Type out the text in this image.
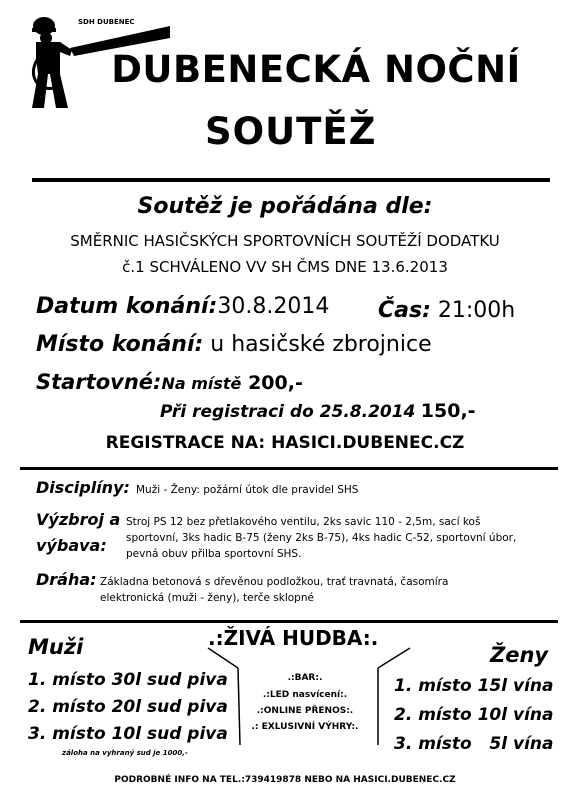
SDH DUBENEC
DUBENECKÁ NOČNÍ
SOUTĚŽ
Soutěž je pořádána dle:
SMĚRNIC HASIČSKÝCH SPORTOVNÍCH SOUTĚŽÍ DODATKU
č.1 SCHVÁLENO VV SH ČMS DNE 13.6.2013
Datum konání:30.8.2014 Čas: 21:00h
Místo konání: u hasičské zbrojnice
Startovné:Na místě 200,-
Při registraci do 25.8.2014 150,-
REGISTRACE NA: HASICI.DUBENEC.CZ
Disciplíny: Muži - Ženy: požární útok dle pravidel SHS
Výzbroj a
výbava:
Stroj PS 12 bez přetlakového ventilu, 2ks savic 110 - 2,5m, sací koš sportovní, 3ks hadic B-75 (ženy 2ks B-75), 4ks hadic C-52, sportovní úbor, pevná obuv přilba sportovní SHS.
Dráha: Základna betonová s dřevěnou podložkou, trať travnatá, časomíra elektronická (muži - ženy), terče sklopné
.:ŽIVÁ HUDBA:.
Muži	Ženy
1. místo 30l sud piva
2. místo 20l sud piva
3. místo 10l sud piva
záloha na vyhraný sud je 1000,-
1. místo 15l vína
2. místo 10l vína
3. místo   5l vína
.:BAR:.
.:LED nasvícení:.
.:ONLINE PŘENOS:.
.: EXLUSIVNÍ VÝHRY:.
PODROBNÉ INFO NA TEL.:739419878 NEBO NA HASICI.DUBENEC.CZ
